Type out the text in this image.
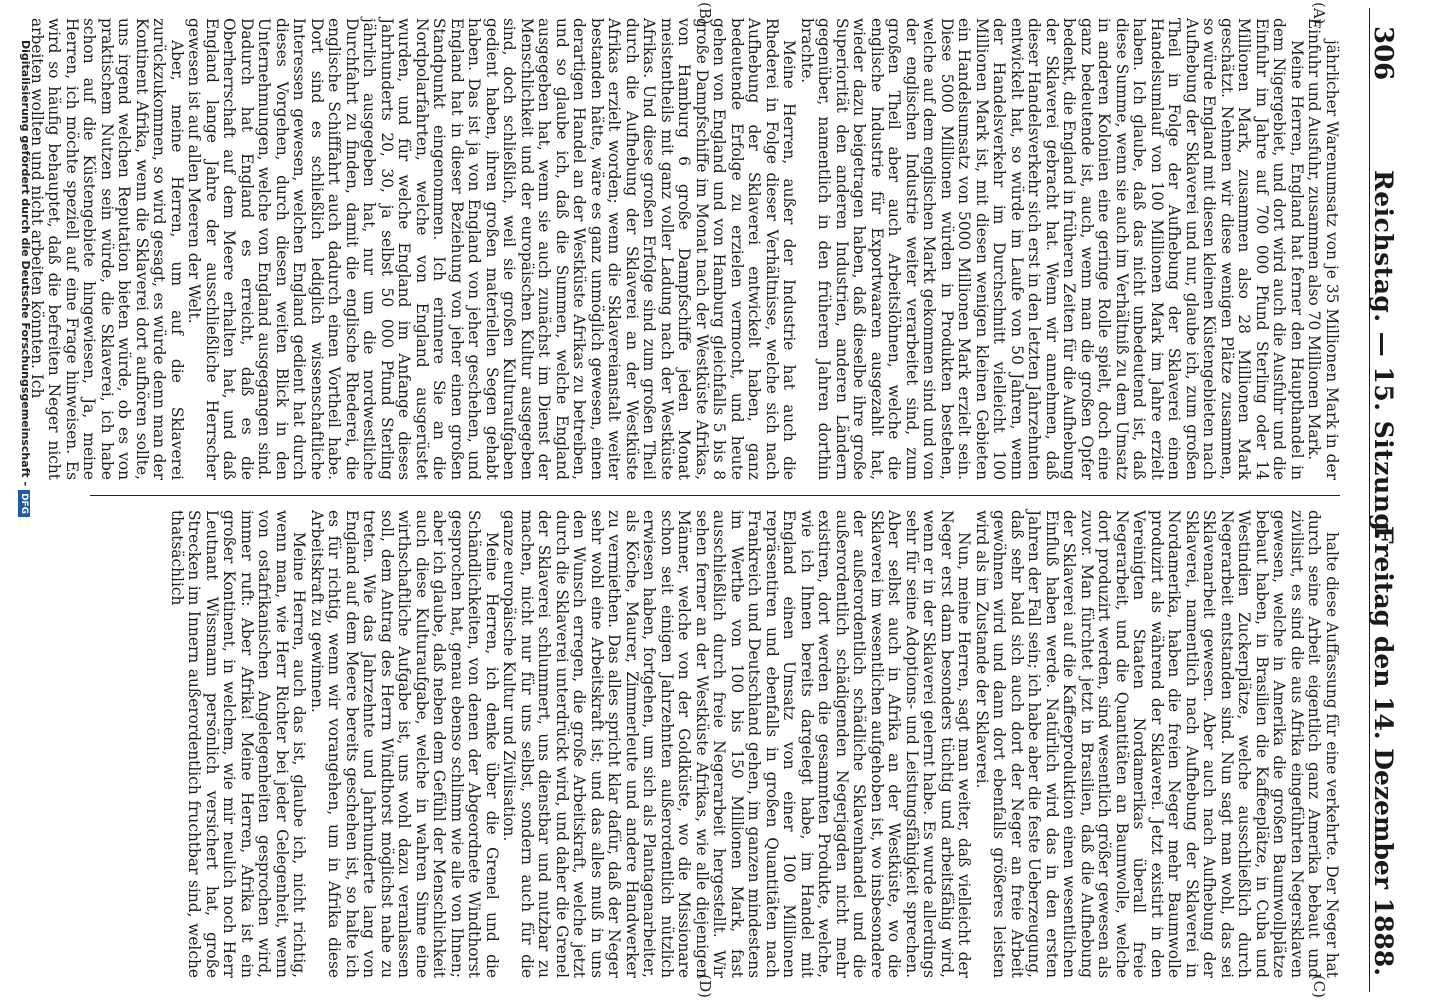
306
Reichstag. — 15. Sitzung.
Freitag den 14. Dezember 1888.
(A)
(B)
(C)
(D)

jährlicher Warenumsatz von je 35 Millionen Mark in der Einfuhr und Ausfuhr, zusammen also 70 Millionen Mark.

Meine Herren, England hat ferner den Haupthandel in dem Nigergebiet, und dort wird auch die Ausfuhr und die Einfuhr im Jahre auf 700 000 Pfund Sterling oder 14 Millionen Mark, zusammen also 28 Millionen Mark geschätzt. Nehmen wir diese wenigen Plätze zusammen, so würde England mit diesen kleinen Küstengebieten nach Aufhebung der Sklaverei und nur, glaube ich, zum großen Theil in Folge der Aufhebung der Sklaverei einen Handelsumlauf von 100 Millionen Mark im Jahre erzielt haben. Ich glaube, daß das nicht unbedeutend ist, daß diese Summe, wenn sie auch im Verhältniß zu dem Umsatz in anderen Kolonien eine geringe Rolle spielt, doch eine ganz bedeutende ist, auch, wenn man die großen Opfer bedenkt, die England in früheren Zeiten für die Aufhebung der Sklaverei gebracht hat. Wenn wir annehmen, daß dieser Handelsverkehr sich erst in den letzten Jahrzehnten entwickelt hat, so würde im Laufe von 50 Jahren, wenn der Handelsverkehr im Durchschnitt vielleicht 100 Millionen Mark ist, mit diesen wenigen kleinen Gebieten ein Handelsumsatz von 5000 Millionen Mark erzielt sein. Diese 5000 Millionen würden in Produkten bestehen, welche auf dem englischen Markt gekommen sind und von der englischen Industrie weiter verarbeitet sind, zum großen Theil aber auch Arbeitslöhnen, welche die englische Industrie für Exportwaaren ausgezahlt hat, wieder dazu beigetragen haben, daß dieselbe ihre große Superiorität den anderen Industrien, anderen Ländern gegenüber, namentlich in den früheren Jahren dorthin brachte.

Meine Herren, außer der Industrie hat auch die Rhederei in Folge dieser Verhältnisse, welche sich nach Aufhebung der Sklaverei entwickelt haben, ganz bedeutende Erfolge zu erzielen vermocht, und heute gehen von England und von Hamburg gleichfalls 5 bis 8 große Dampfschiffe im Monat nach der Westküste Afrikas, von Hamburg 6 große Dampfschiffe jeden Monat meistentheils mit ganz voller Ladung nach der Westküste Afrikas. Und diese großen Erfolge sind zum großen Theil durch die Aufhebung der Sklaverei an der Westküste Afrikas erzielt worden; wenn die Sklavereianstalt weiter bestanden hätte, wäre es ganz unmöglich gewesen, einen derartigen Handel an der Westküste Afrikas zu betreiben, und so glaube ich, daß die Summen, welche England ausgegeben hat, wenn sie auch zunächst im Dienst der Menschlichkeit und der europäischen Kultur ausgegeben sind, doch schließlich, weil sie großen Kulturaufgaben gedient haben, ihren großen materiellen Segen gehabt haben. Das ist ja von England von jeher geschehen, und England hat in dieser Beziehung von jeher einen großen Standpunkt eingenommen. Ich erinnere Sie an die Nordpolarfahrten, welche von England ausgerüstet wurden, und für welche England im Anfange dieses Jahrhunderts 20, 30, ja selbst 50 000 Pfund Sterling jährlich ausgegeben hat, nur um die nordwestliche Durchfahrt zu finden, damit die englische Rhederei, die englische Schifffahrt auch dadurch einen Vortheil habe. Dort sind es schließlich lediglich wissenschaftliche Interessen gewesen, welchen England gedient hat durch dieses Vorgehen, durch diesen weiten Blick in den Unternehmungen, welche von England ausgegangen sind. Dadurch hat England es erreicht, daß es die Oberherrschaft auf dem Meere erhalten hat, und daß England lange Jahre der ausschließliche Herrscher gewesen ist auf allen Meeren der Welt.

Aber, meine Herren, um auf die Sklaverei zurückzukommen, so wird gesagt, es würde denn man der Kontinent Afrika, wenn die Sklaverei dort aufhören sollte, uns irgend welchen Reputation bieten würde, ob es von praktischem Nutzen sein würde, die Sklaverei, ich habe schon auf die Küstengebiete hingewiesen, Ja, meine Herren, ich möchte speziell auf eine Frage hinweisen. Es wird so häufig behauptet, daß die befreiten Neger nicht arbeiten wollten und nicht arbeiten könnten. Ich

halte diese Auffassung für eine verkehrte. Der Neger hat durch seine Arbeit eigentlich ganz Amerika bebaut und zivilisirt, es sind die aus Afrika eingeführten Negersklaven gewesen, welche in Amerika die großen Baumwollplätze bebaut haben, in Brasilien die Kaffeeplätze, in Cuba und Westindien Zuckerplätze, welche ausschließlich durch Negerarbeit entstanden sind. Nun sagt man wohl, das sei Sklavenarbeit gewesen. Aber auch nach Aufhebung der Sklaverei, namentlich nach Aufhebung der Sklaverei in Nordamerika, haben die freien Neger mehr Baumwolle produzirt als während der Sklaverei. Jetzt existirt in den Vereinigten Staaten Nordamerikas überall freie Negerarbeit, und die Quantitäten an Baumwolle, welche dort produzirt werden, sind wesentlich größer gewesen als zuvor. Man fürchtet jetzt in Brasilien, daß die Aufhebung der Sklaverei auf die Kaffeeproduktion einen wesentlichen Einfluß haben werde. Natürlich wird das in den ersten Jahren der Fall sein; ich habe aber die feste Ueberzeugung, daß sehr bald sich auch dort der Neger an freie Arbeit gewöhnen wird und dann dort ebenfalls größeres leisten wird als im Zustande der Sklaverei.

Nun, meine Herren, sagt man weiter, daß vielleicht der Neger erst dann besonders tüchtig und arbeitsfähig wird, wenn er in der Sklaverei gelernt habe. Es wurde allerdings sehr für seine Adoptions- und Leistungsfähigkeit sprechen. Aber selbst auch in Afrika an der Westküste, wo die Sklaverei im wesentlichen aufgehoben ist, wo insbesondere der außerordentlich schädliche Sklavenhandel und die außerordentlich schädigenden Negerjagden nicht mehr existiren, dort werden die gesammten Produkte, welche, wie ich Ihnen bereits dargelegt habe, im Handel mit England einen Umsatz von einer 100 Millionen repräsentiren und ebenfalls in großen Quantitäten nach Frankreich und Deutschland gehen, im ganzen mindestens im Werthe von 100 bis 150 Millionen Mark, fast ausschließlich durch freie Negerarbeit hergestellt. Wir sehen ferner an der Westküste Afrikas, wie alle diejenigen Männer, welche von der Goldküste, wo die Missionare schon seit einigen Jahrzehnten außerordentlich nützlich erwiesen haben, fortgehen, um sich als Plantagenarbeiter, als Köche, Maurer, Zimmerleute und andere Handwerker zu vermiethen. Das alles spricht klar dafür, daß der Neger sehr wohl eine Arbeitskraft ist; und das alles muß in uns den Wunsch erregen, die große Arbeitskraft, welche jetzt durch die Sklaverei unterdrückt wird, und daher die Grenel der Sklaverei schlummert, uns dienstbar und nutzbar zu machen, nicht nur für uns selbst, sondern auch für die ganze europäische Kultur und Zivilisation.

Meine Herren, ich denke über die Grenel und die Schändlichkeiten, von denen der Abgeordnete Windthorst gesprochen hat, genau ebenso schlimm wie alle von Ihnen; aber ich glaube, daß neben dem Gefühl der Menschlichkeit auch diese Kulturaufgabe, welche in wahren Sinne eine wirthschaftliche Aufgabe ist, uns wohl dazu veranlassen soll, dem Antrag des Herrn Windthorst möglichst nahe zu treten. Wie das Jahrzehnte und Jahrhunderte lang von England auf dem Meere bereits geschehen ist, so halte ich es für richtig, wenn wir vorangehen, um in Afrika diese Arbeitskraft zu gewinnen.

Meine Herren, auch das ist, glaube ich, nicht richtig, wenn man, wie Herr Richter bei jeder Gelegenheit, wenn von ostafrikanischen Angelegenheiten gesprochen wird, immer ruft: Aber Afrika! Meine Herren, Afrika ist ein großer Kontinent, in welchem, wie mir neulich noch Herr Leutnant Wissmann persönlich versichert hat, große Strecken im Innern außerordentlich fruchtbar sind, welche thatsächlich

Digitalisierung gefördert durch die Deutsche Forschungsgemeinschaft -DFG
